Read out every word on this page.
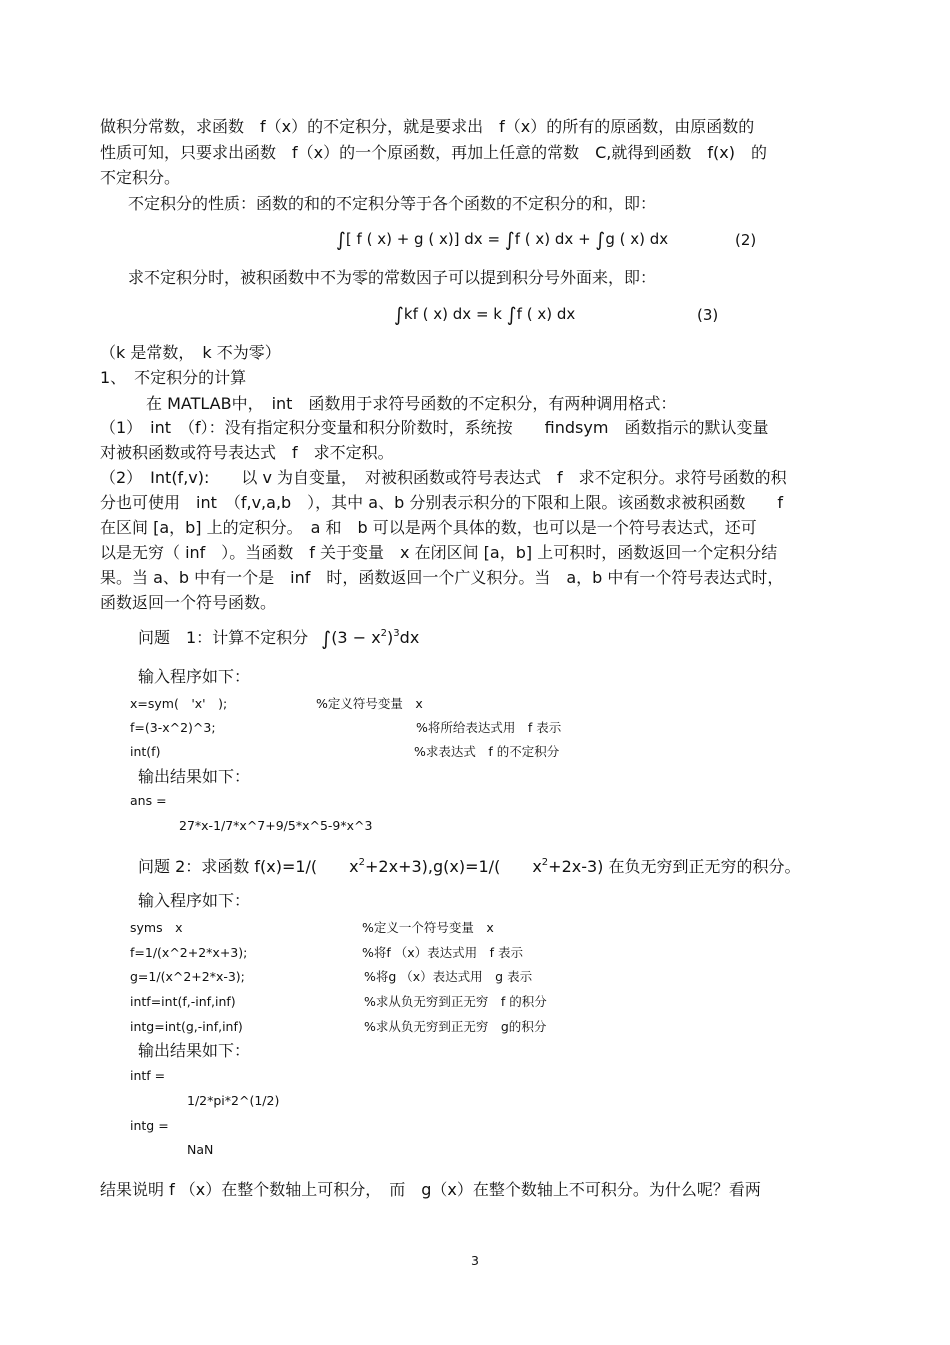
做积分常数，求函数　f（x）的不定积分，就是要求出　f（x）的所有的原函数，由原函数的
性质可知，只要求出函数　f（x）的一个原函数，再加上任意的常数　C,就得到函数　f(x)　的
不定积分。
不定积分的性质：函数的和的不定积分等于各个函数的不定积分的和，即：
∫[ f ( x) + g ( x)] dx = ∫f ( x) dx + ∫g ( x) dx	(2)
求不定积分时，被积函数中不为零的常数因子可以提到积分号外面来，即：
∫kf ( x) dx = k ∫f ( x) dx	(3)
（k 是常数，　k 不为零）
1、　不定积分的计算
在 MATLAB中，　int　函数用于求符号函数的不定积分，有两种调用格式：
（1）　int　（f）：没有指定积分变量和积分阶数时，系统按　　findsym　函数指示的默认变量
对被积函数或符号表达式　f　求不定积。
（2）　Int(f,v):　　以 v 为自变量，　对被积函数或符号表达式　f　求不定积分。求符号函数的积
分也可使用　int　（f,v,a,b　），其中 a、b 分别表示积分的下限和上限。该函数求被积函数　　f
在区间 [a，b] 上的定积分。　a 和　b 可以是两个具体的数，也可以是一个符号表达式，还可
以是无穷（ inf　）。当函数　f 关于变量　x 在闭区间 [a，b] 上可积时，函数返回一个定积分结
果。当 a、b 中有一个是　inf　时，函数返回一个广义积分。当　a，b 中有一个符号表达式时，
函数返回一个符号函数。
问题　1：计算不定积分 $\int(3 - x^2)^3dx$
输入程序如下：
x=sym(　'x'　);	%定义符号变量　x
f=(3-x^2)^3;	%将所给表达式用　f 表示
int(f)	%求表达式　f 的不定积分
输出结果如下：
ans =
27*x-1/7*x^7+9/5*x^5-9*x^3
问题 2：求函数 f(x)=1/(　　$x^2+2x+3),g(x)=1/$(　　$x^2+2x-3$) 在负无穷到正无穷的积分。
输入程序如下：
syms　x	%定义一个符号变量　x
f=1/(x^2+2*x+3);	%将f （x）表达式用　f 表示
g=1/(x^2+2*x-3);	%将g （x）表达式用　g 表示
intf=int(f,-inf,inf)	%求从负无穷到正无穷　f 的积分
intg=int(g,-inf,inf)	%求从负无穷到正无穷　g的积分
输出结果如下：
intf =
1/2*pi*2^(1/2)
intg =
NaN
结果说明 f （x）在整个数轴上可积分，　而　g（x）在整个数轴上不可积分。为什么呢？看两
3
